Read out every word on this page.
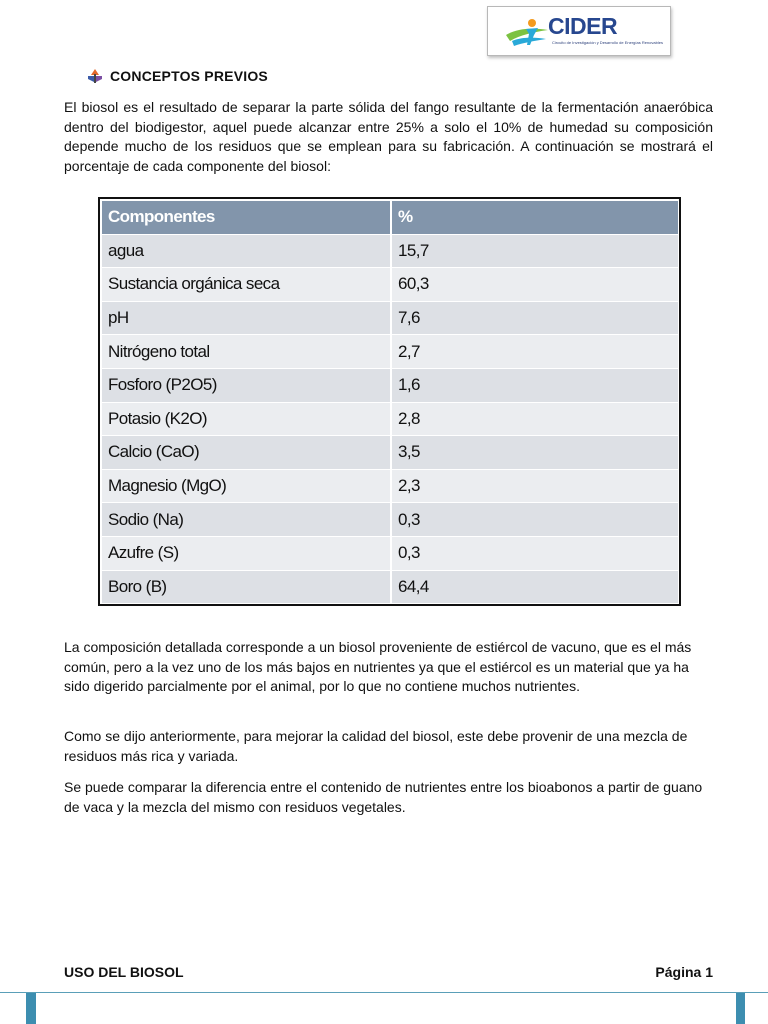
CIDER
Circuito de Investigación y Desarrollo de Energías Renovables
CONCEPTOS PREVIOS

El biosol es el resultado de separar la parte sólida del fango resultante de la fermentación anaeróbica dentro del biodigestor, aquel puede alcanzar entre 25% a solo el 10% de humedad su composición depende mucho de los residuos que se emplean para su fabricación. A continuación se mostrará el porcentaje de cada componente del biosol:

Componentes	%
agua	15,7
Sustancia orgánica seca	60,3
pH	7,6
Nitrógeno total	2,7
Fosforo (P2O5)	1,6
Potasio (K2O)	2,8
Calcio (CaO)	3,5
Magnesio (MgO)	2,3
Sodio (Na)	0,3
Azufre (S)	0,3
Boro (B)	64,4

La composición detallada corresponde a un biosol proveniente de estiércol de vacuno, que es el más común, pero a la vez uno de los más bajos en nutrientes ya que el estiércol es un material que ya ha sido digerido parcialmente por el animal, por lo que no contiene muchos nutrientes.

Como se dijo anteriormente, para mejorar la calidad del biosol, este debe provenir de una mezcla de residuos más rica y variada.

Se puede comparar la diferencia entre el contenido de nutrientes entre los bioabonos a partir de guano de vaca y la mezcla del mismo con residuos vegetales.

USO DEL BIOSOL	Página 1
